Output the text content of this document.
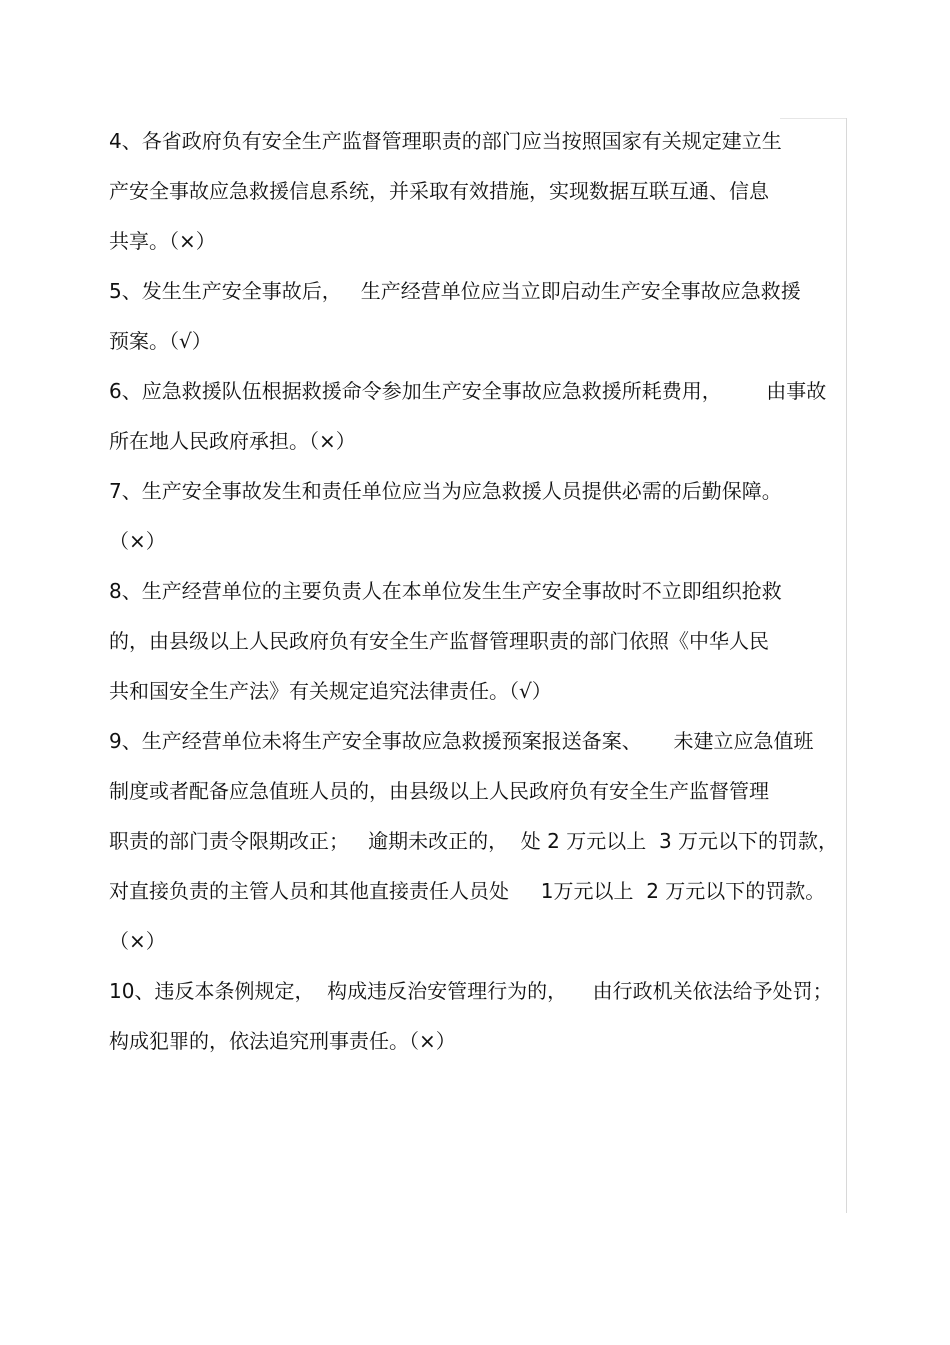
4、各省政府负有安全生产监督管理职责的部门应当按照国家有关规定建立生
产安全事故应急救援信息系统，并采取有效措施，实现数据互联互通、信息
共享。（×）
5、发生生产安全事故后，   生产经营单位应当立即启动生产安全事故应急救援
预案。（√）
6、应急救援队伍根据救援命令参加生产安全事故应急救援所耗费用，       由事故
所在地人民政府承担。（×）
7、生产安全事故发生和责任单位应当为应急救援人员提供必需的后勤保障。
（×）
8、生产经营单位的主要负责人在本单位发生生产安全事故时不立即组织抢救
的，由县级以上人民政府负有安全生产监督管理职责的部门依照《中华人民
共和国安全生产法》有关规定追究法律责任。（√）
9、生产经营单位未将生产安全事故应急救援预案报送备案、     未建立应急值班
制度或者配备应急值班人员的，由县级以上人民政府负有安全生产监督管理
职责的部门责令限期改正；   逾期未改正的，  处 2 万元以上  3 万元以下的罚款，
对直接负责的主管人员和其他直接责任人员处     1万元以上  2 万元以下的罚款。
（×）
10、违反本条例规定，  构成违反治安管理行为的，    由行政机关依法给予处罚；
构成犯罪的，依法追究刑事责任。（×）
